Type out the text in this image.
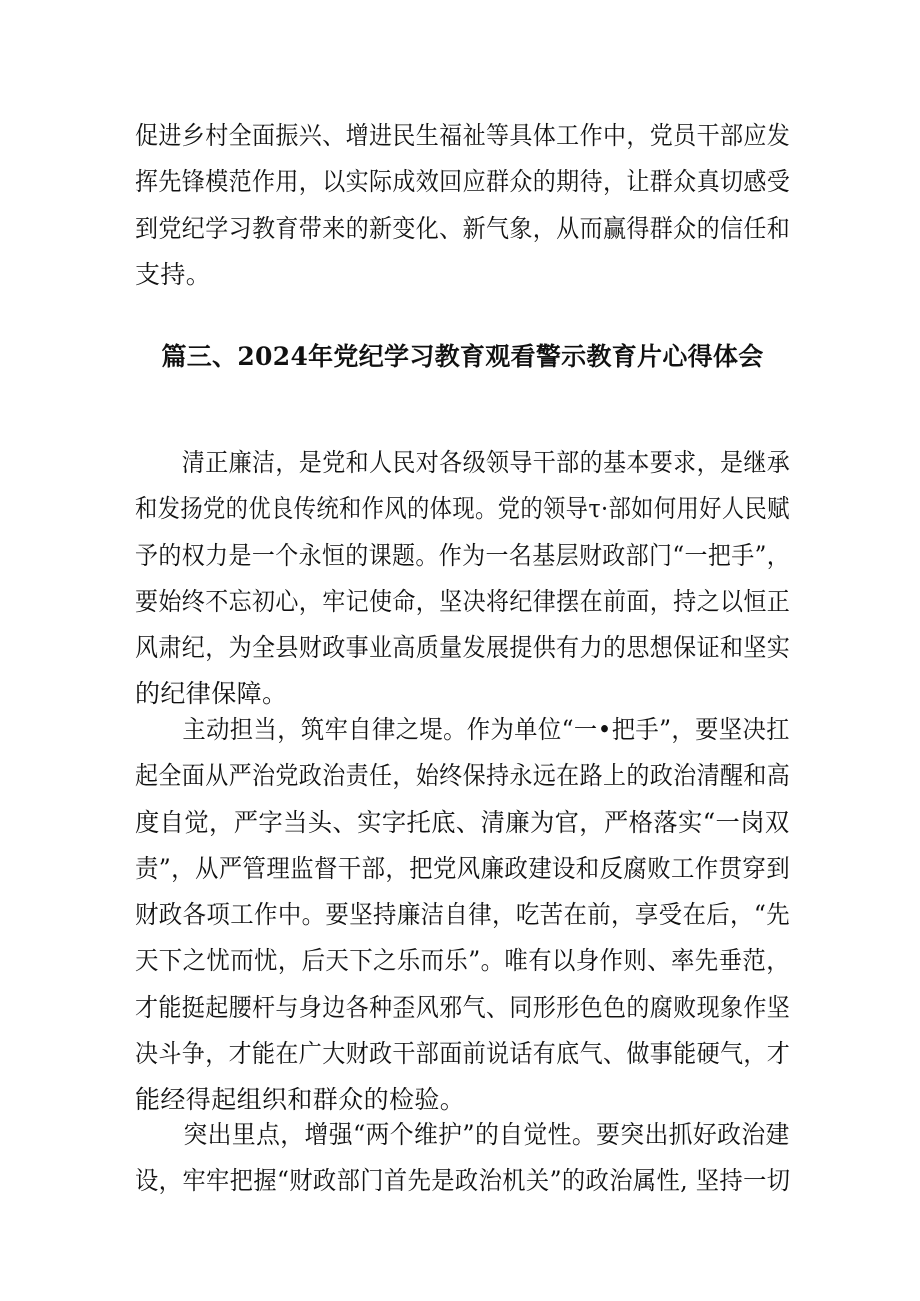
促进乡村全面振兴、增进民生福祉等具体工作中，党员干部应发
挥先锋模范作用，以实际成效回应群众的期待，让群众真切感受
到党纪学习教育带来的新变化、新气象，从而赢得群众的信任和
支持。
篇三、2024年党纪学习教育观看警示教育片心得体会
　　清正廉洁，是党和人民对各级领导干部的基本要求，是继承
和发扬党的优良传统和作风的体现。党的领导τ·部如何用好人民赋
予的权力是一个永恒的课题。作为一名基层财政部门“一把手”，
要始终不忘初心，牢记使命，坚决将纪律摆在前面，持之以恒正
风肃纪，为全县财政事业高质量发展提供有力的思想保证和坚实
的纪律保障。
　　主动担当，筑牢自律之堤。作为单位“一•把手”，要坚决扛
起全面从严治党政治责任，始终保持永远在路上的政治清醒和高
度自觉，严字当头、实字托底、清廉为官，严格落实“一岗双
责”，从严管理监督干部，把党风廉政建设和反腐败工作贯穿到
财政各项工作中。要坚持廉洁自律，吃苦在前，享受在后，“先
天下之忧而忧，后天下之乐而乐”。唯有以身作则、率先垂范，
才能挺起腰杆与身边各种歪风邪气、同形形色色的腐败现象作坚
决斗争，才能在广大财政干部面前说话有底气、做事能硬气，才
能经得起组织和群众的检验。
　　突出里点，增强“两个维护”的自觉性。要突出抓好政治建
设，牢牢把握“财政部门首先是政治机关”的政治属性, 坚持一切
